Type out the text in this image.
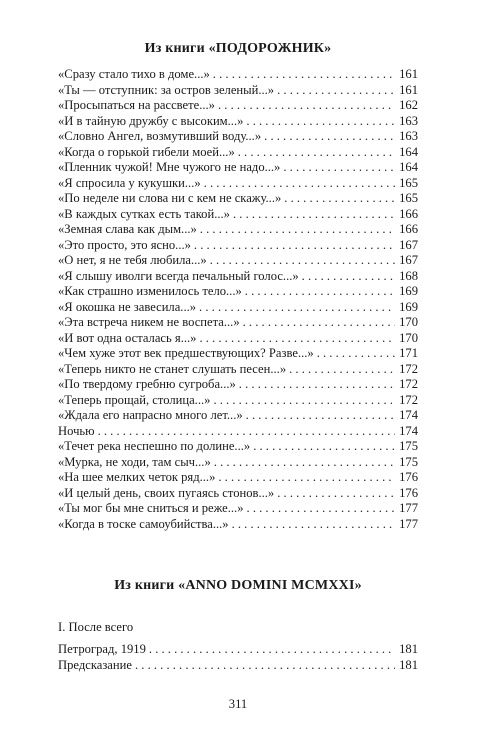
Из книги «ПОДОРОЖНИК»
«Сразу стало тихо в доме...» . . .	161
«Ты — отступник: за остров зеленый...» . . .	161
«Просыпаться на рассвете...» . . .	162
«И в тайную дружбу с высоким...» . . .	163
«Словно Ангел, возмутивший воду...» . . .	163
«Когда о горькой гибели моей...» . . .	164
«Пленник чужой! Мне чужого не надо...» . . .	164
«Я спросила у кукушки...» . . .	165
«По неделе ни слова ни с кем не скажу...» . . .	165
«В каждых сутках есть такой...» . . .	166
«Земная слава как дым...» . . .	166
«Это просто, это ясно...» . . .	167
«О нет, я не тебя любила...» . . .	167
«Я слышу иволги всегда печальный голос...» . . .	168
«Как страшно изменилось тело...» . . .	169
«Я окошка не завесила...» . . .	169
«Эта встреча никем не воспета...» . . .	170
«И вот одна осталась я...» . . .	170
«Чем хуже этот век предшествующих? Разве...» . . .	171
«Теперь никто не станет слушать песен...» . . .	172
«По твердому гребню сугроба...» . . .	172
«Теперь прощай, столица...» . . .	172
«Ждала его напрасно много лет...» . . .	174
Ночью . . .	174
«Течет река неспешно по долине...» . . .	175
«Мурка, не ходи, там сыч...» . . .	175
«На шее мелких четок ряд...» . . .	176
«И целый день, своих пугаясь стонов...» . . .	176
«Ты мог бы мне сниться и реже...» . . .	177
«Когда в тоске самоубийства...» . . .	177
Из книги «ANNO DOMINI MCMXXI»
I. После всего
Петроград, 1919 . . .	181
Предсказание . . .	181
311
